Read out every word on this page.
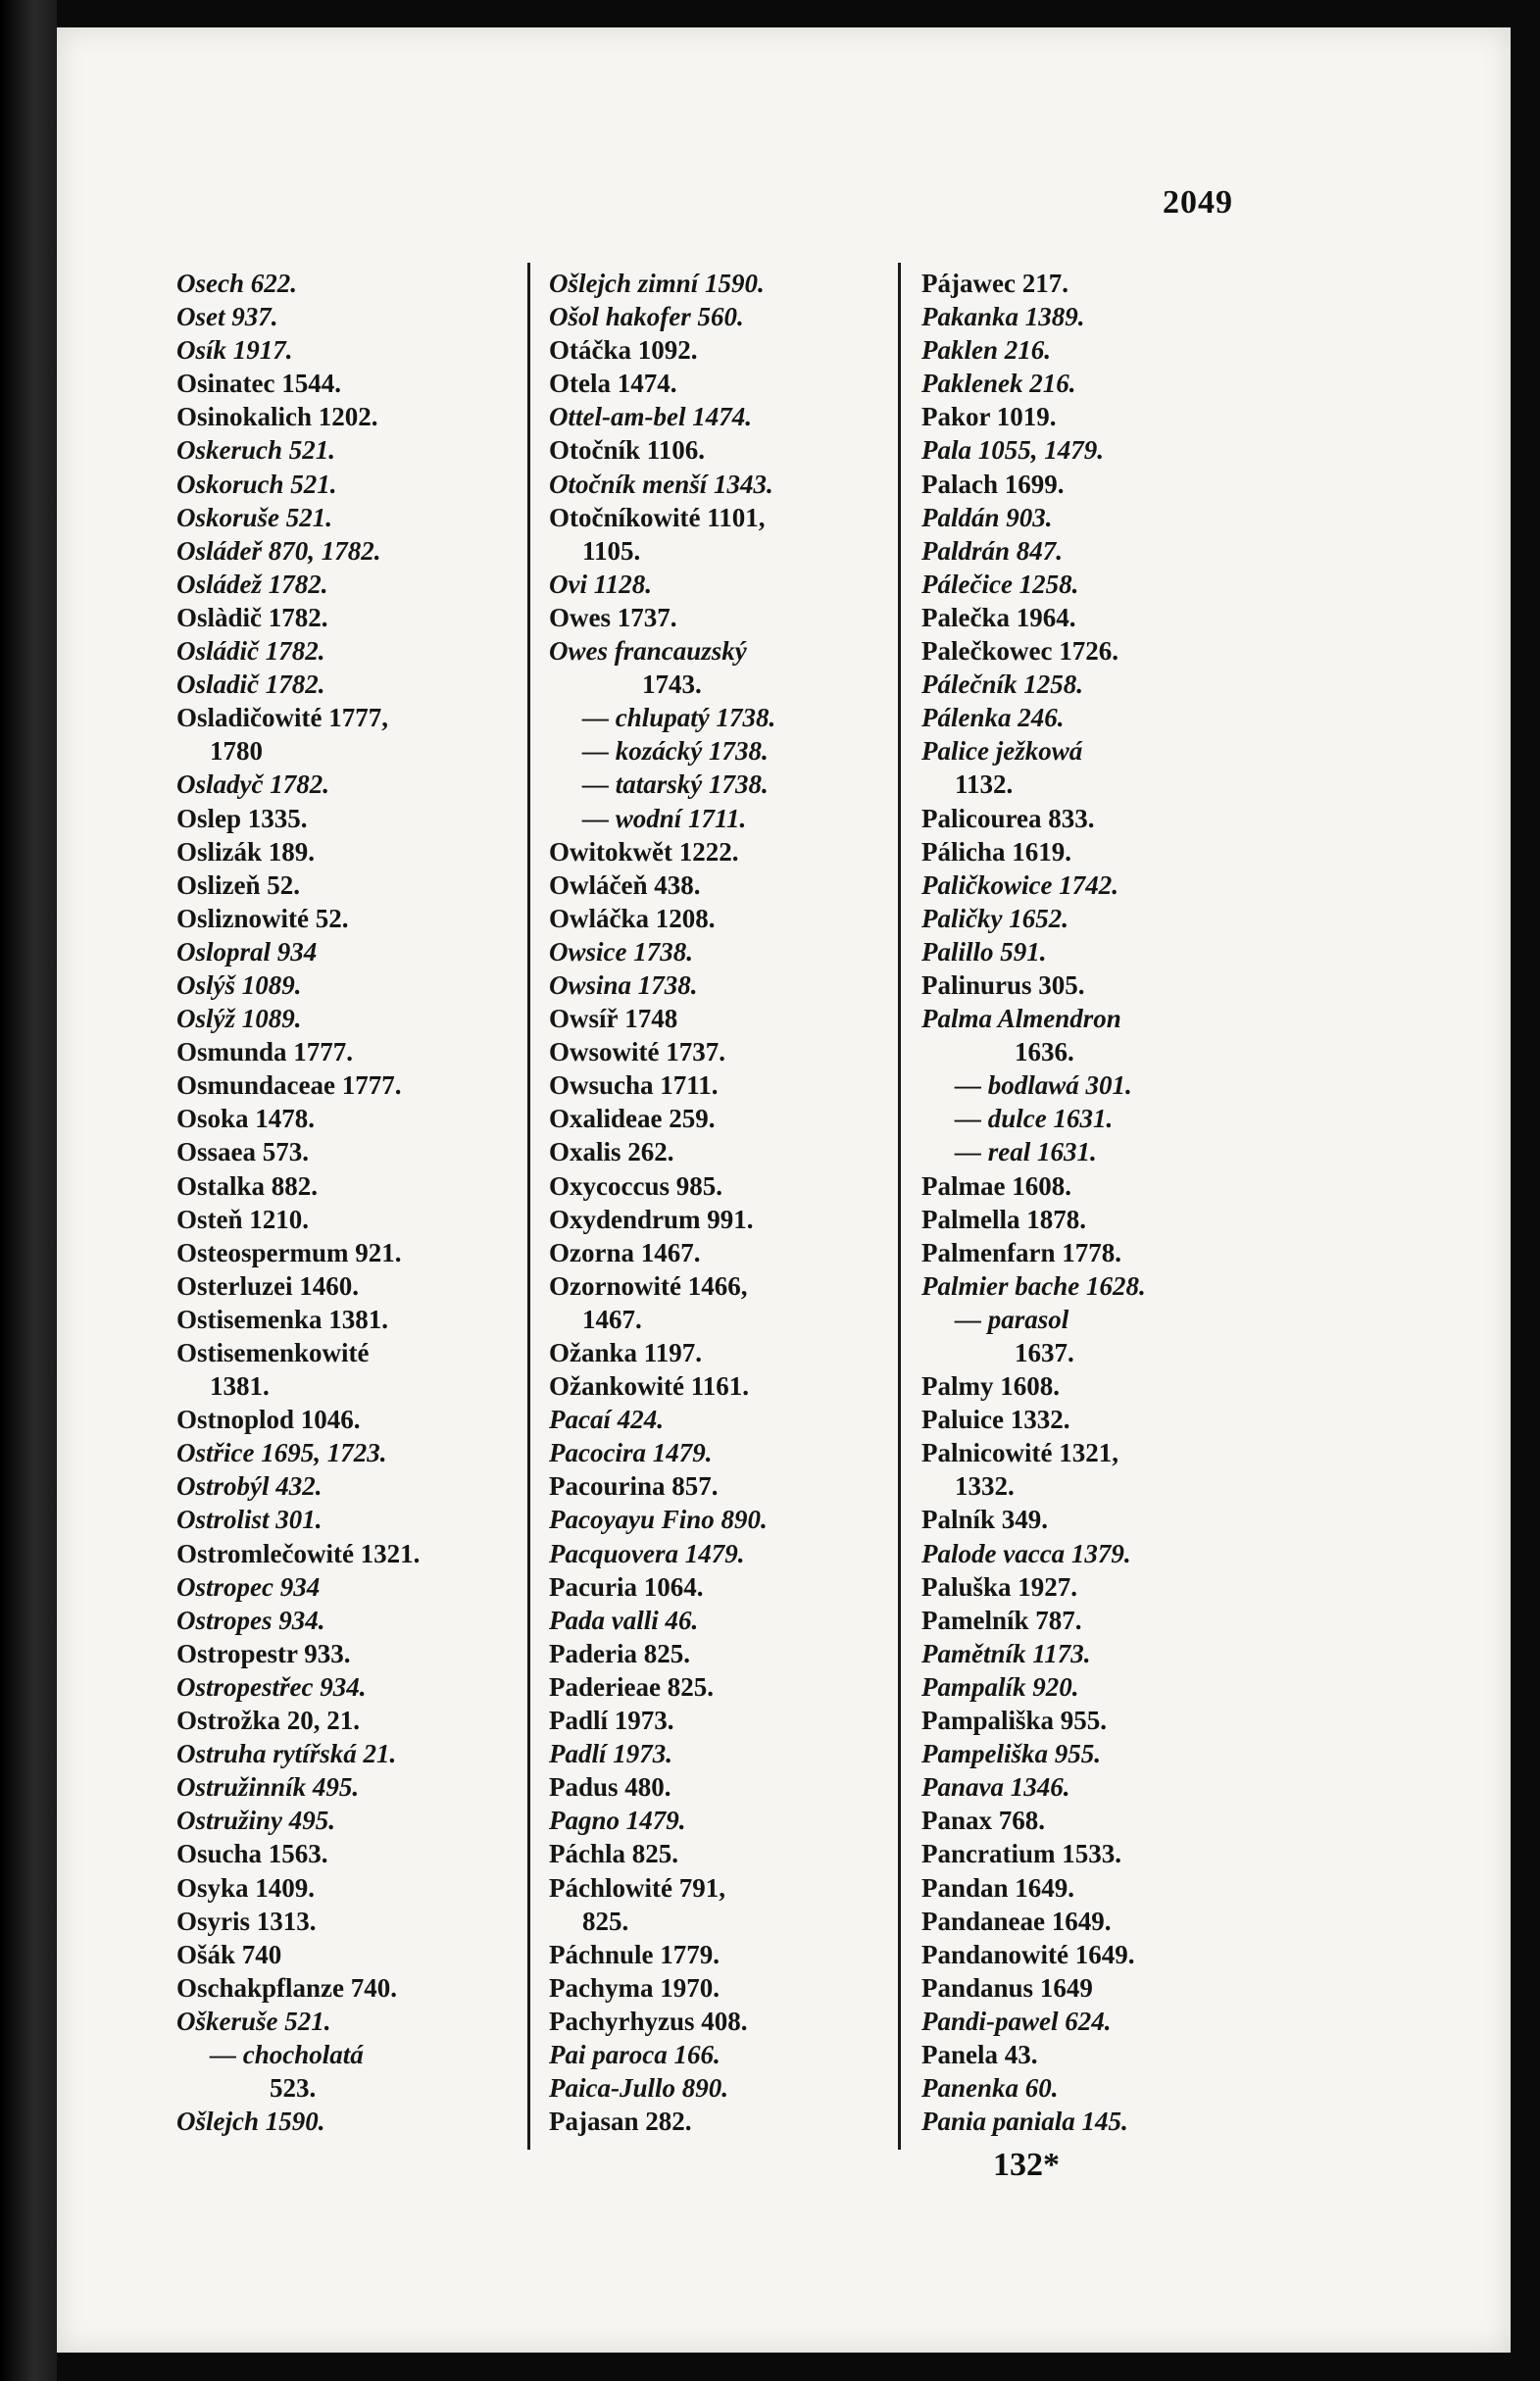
2049
Osech 622.
Oset 937.
Osík 1917.
Osinatec 1544.
Osinokalich 1202.
Oskeruch 521.
Oskoruch 521.
Oskoruše 521.
Osládeř 870, 1782.
Osládež 1782.
Oslàdič 1782.
Osládič 1782.
Osladič 1782.
Osladičowité 1777,
1780
Osladyč 1782.
Oslep 1335.
Oslizák 189.
Oslizeň 52.
Osliznowité 52.
Oslopral 934
Oslýš 1089.
Oslýž 1089.
Osmunda 1777.
Osmundaceae 1777.
Osoka 1478.
Ossaea 573.
Ostalka 882.
Osteň 1210.
Osteospermum 921.
Osterluzei 1460.
Ostisemenka 1381.
Ostisemenkowité
1381.
Ostnoplod 1046.
Ostřice 1695, 1723.
Ostrobýl 432.
Ostrolist 301.
Ostromlečowité 1321.
Ostropec 934
Ostropes 934.
Ostropestr 933.
Ostropestřec 934.
Ostrožka 20, 21.
Ostruha rytířská 21.
Ostružinník 495.
Ostružiny 495.
Osucha 1563.
Osyka 1409.
Osyris 1313.
Ošák 740
Oschakpflanze 740.
Oškeruše 521.
— chocholatá
523.
Ošlejch 1590.
Ošlejch zimní 1590.
Ošol hakofer 560.
Otáčka 1092.
Otela 1474.
Ottel-am-bel 1474.
Otočník 1106.
Otočník menší 1343.
Otočníkowité 1101,
1105.
Ovi 1128.
Owes 1737.
Owes francauzský
1743.
— chlupatý 1738.
— kozácký 1738.
— tatarský 1738.
— wodní 1711.
Owitokwět 1222.
Owláčeň 438.
Owláčka 1208.
Owsice 1738.
Owsina 1738.
Owsíř 1748
Owsowité 1737.
Owsucha 1711.
Oxalideae 259.
Oxalis 262.
Oxycoccus 985.
Oxydendrum 991.
Ozorna 1467.
Ozornowité 1466,
1467.
Ožanka 1197.
Ožankowité 1161.
Pacaí 424.
Pacocira 1479.
Pacourina 857.
Pacoyayu Fino 890.
Pacquovera 1479.
Pacuria 1064.
Pada valli 46.
Paderia 825.
Paderieae 825.
Padlí 1973.
Padlí 1973.
Padus 480.
Pagno 1479.
Páchla 825.
Páchlowité 791,
825.
Páchnule 1779.
Pachyma 1970.
Pachyrhyzus 408.
Pai paroca 166.
Paica-Jullo 890.
Pajasan 282.
Pájawec 217.
Pakanka 1389.
Paklen 216.
Paklenek 216.
Pakor 1019.
Pala 1055, 1479.
Palach 1699.
Paldán 903.
Paldrán 847.
Pálečice 1258.
Palečka 1964.
Palečkowec 1726.
Pálečník 1258.
Pálenka 246.
Palice ježkowá
1132.
Palicourea 833.
Pálicha 1619.
Paličkowice 1742.
Paličky 1652.
Palillo 591.
Palinurus 305.
Palma Almendron
1636.
— bodlawá 301.
— dulce 1631.
— real 1631.
Palmae 1608.
Palmella 1878.
Palmenfarn 1778.
Palmier bache 1628.
— parasol
1637.
Palmy 1608.
Paluice 1332.
Palnicowité 1321,
1332.
Palník 349.
Palode vacca 1379.
Paluška 1927.
Pamelník 787.
Pamětník 1173.
Pampalík 920.
Pampališka 955.
Pampeliška 955.
Panava 1346.
Panax 768.
Pancratium 1533.
Pandan 1649.
Pandaneae 1649.
Pandanowité 1649.
Pandanus 1649
Pandi-pawel 624.
Panela 43.
Panenka 60.
Pania paniala 145.
132*
